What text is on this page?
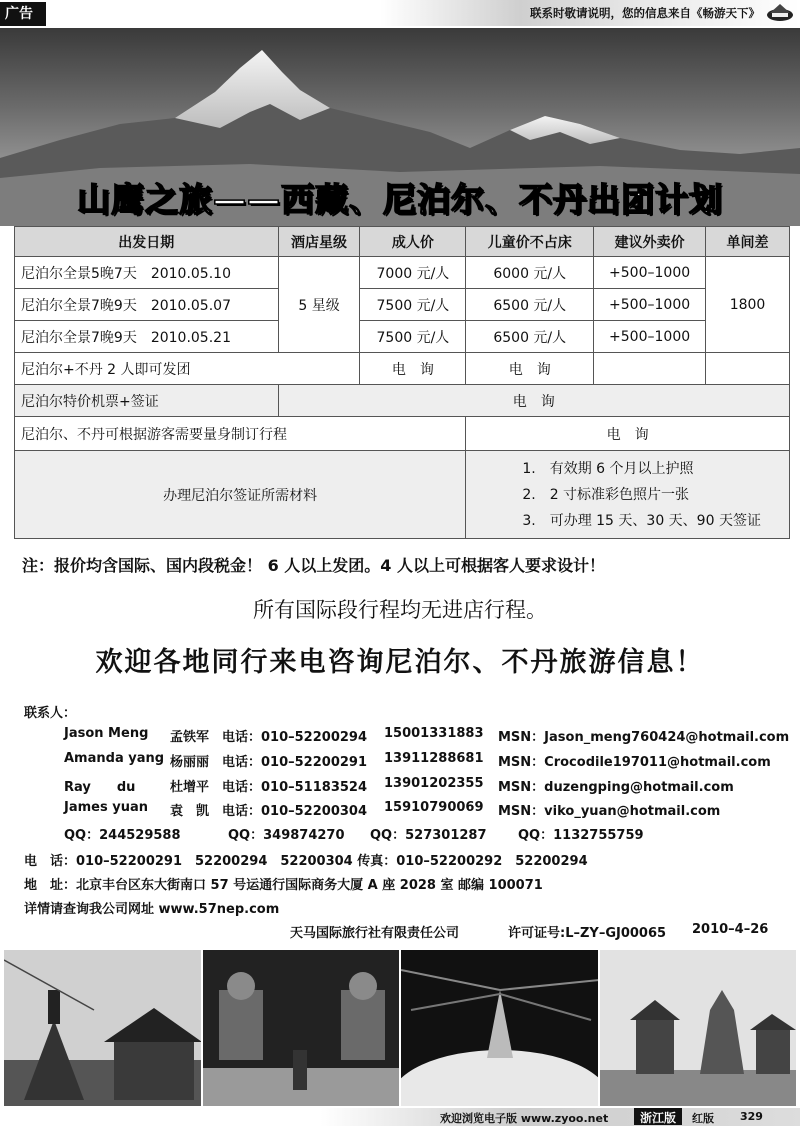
广告	联系时敬请说明，您的信息来自《畅游天下》
山鹰之旅——西藏、尼泊尔、不丹出团计划
出发日期	酒店星级	成人价	儿童价不占床	建议外卖价	单间差
尼泊尔全景5晚7天　2010.05.10	5 星级	7000 元/人	6000 元/人	+500–1000	1800
尼泊尔全景7晚9天　2010.05.07		7500 元/人	6500 元/人	+500–1000	
尼泊尔全景7晚9天　2010.05.21		7500 元/人	6500 元/人	+500–1000	
尼泊尔+不丹 2 人即可发团		电　询	电　询		
尼泊尔特价机票+签证	电　询				
尼泊尔、不丹可根据游客需要量身制订行程			电　询		
办理尼泊尔签证所需材料			1.　有效期 6 个月以上护照
2.　2 寸标准彩色照片一张
3.　可办理 15 天、30 天、90 天签证		
注：报价均含国际、国内段税金！ 6 人以上发团。4 人以上可根据客人要求设计！
所有国际段行程均无进店行程。
欢迎各地同行来电咨询尼泊尔、不丹旅游信息！
联系人：
Jason Meng 孟铁军 电话：010–52200294 15001331883 MSN：Jason_meng760424@hotmail.com
Amanda yang 杨丽丽 电话：010–52200291 13911288681 MSN：Crocodile197011@hotmail.com
Ray　　du	杜增平 电话：010–51183524 13901202355 MSN：duzengping@hotmail.com
James yuan 袁　凯 电话：010–52200304 15910790069 MSN：viko_yuan@hotmail.com
QQ：244529588	QQ：349874270 QQ：527301287 QQ：1132755759
电　话：010–52200291　52200294　52200304 传真：010–52200292　52200294
地　址：北京丰台区东大街南口 57 号运通行国际商务大厦 A 座 2028 室 邮编 100071
详情请查询我公司网址 www.57nep.com
天马国际旅行社有限责任公司	许可证号:L–ZY–GJ00065 2010–4–26
欢迎浏览电子版 www.zyoo.net	浙江版	红版 329
